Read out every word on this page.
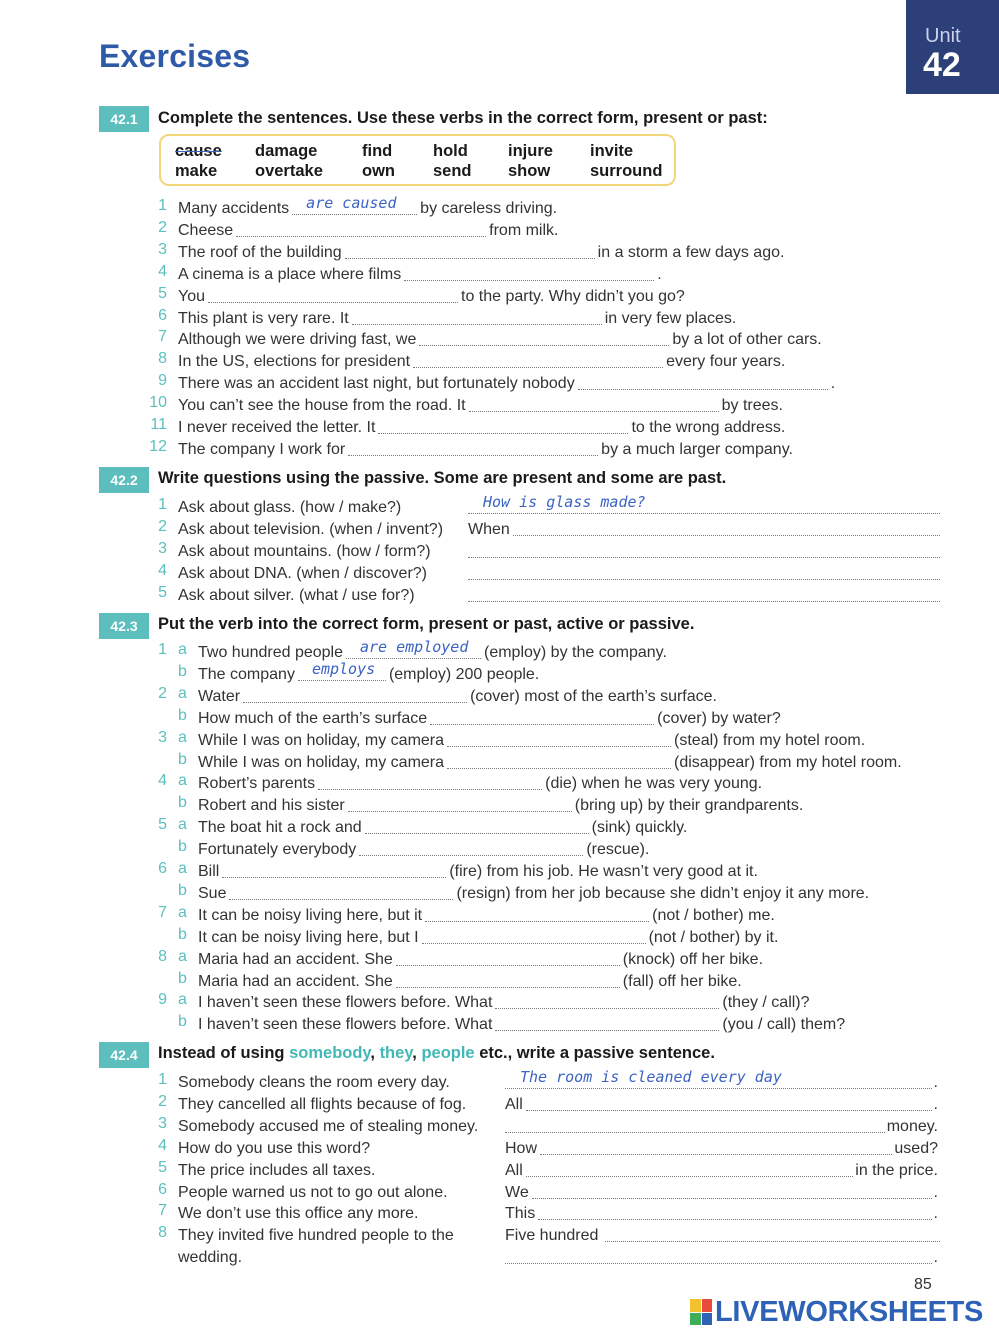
Exercises
Unit
42
42.1	Complete the sentences. Use these verbs in the correct form, present or past:
cause damage	find hold injure invite
make overtake own send show surround
1 Many accidents are caused by careless driving.
2 Cheese	from milk.
3 The roof of the building	in a storm a few days ago.
4 A cinema is a place where films	.
5 You	to the party. Why didn’t you go?
6 This plant is very rare. It	in very few places.
7 Although we were driving fast, we	by a lot of other cars.
8 In the US, elections for president	every four years.
9 There was an accident last night, but fortunately nobody	.
10 You can’t see the house from the road. It	by trees.
11 I never received the letter. It	to the wrong address.
12 The company I work for	by a much larger company.
42.2	Write questions using the passive. Some are present and some are past.
1 Ask about glass. (how / make?)	How is glass made?
2 Ask about television. (when / invent?) When
3 Ask about mountains. (how / form?)
4 Ask about DNA. (when / discover?)
5 Ask about silver. (what / use for?)
42.3	Put the verb into the correct form, present or past, active or passive.
1 a Two hundred people are employed (employ) by the company.
b The company employs (employ) 200 people.
2 a Water	(cover) most of the earth’s surface.
b How much of the earth’s surface	(cover) by water?
3 a While I was on holiday, my camera	(steal) from my hotel room.
b While I was on holiday, my camera	(disappear) from my hotel room.
4 a Robert’s parents	(die) when he was very young.
b Robert and his sister	(bring up) by their grandparents.
5 a The boat hit a rock and	(sink) quickly.
b Fortunately everybody	(rescue).
6 a Bill	(fire) from his job. He wasn’t very good at it.
b Sue	(resign) from her job because she didn’t enjoy it any more.
7 a It can be noisy living here, but it	(not / bother) me.
b It can be noisy living here, but I	(not / bother) by it.
8 a Maria had an accident. She	(knock) off her bike.
b Maria had an accident. She	(fall) off her bike.
9 a I haven’t seen these flowers before. What	(they / call)?
b I haven’t seen these flowers before. What	(you / call) them?
42.4	Instead of using somebody, they, people etc., write a passive sentence.
1 Somebody cleans the room every day.	The room is cleaned every day	.
2 They cancelled all flights because of fog. All	.
3 Somebody accused me of stealing money.	money.
4 How do you use this word?	How	used?
5 The price includes all taxes.	All	in the price.
6 People warned us not to go out alone.	We	.
7 We don’t use this office any more.	This	.
8 They invited five hundred people to the	Five hundred
wedding.	.
85
LIVEWORKSHEETS
